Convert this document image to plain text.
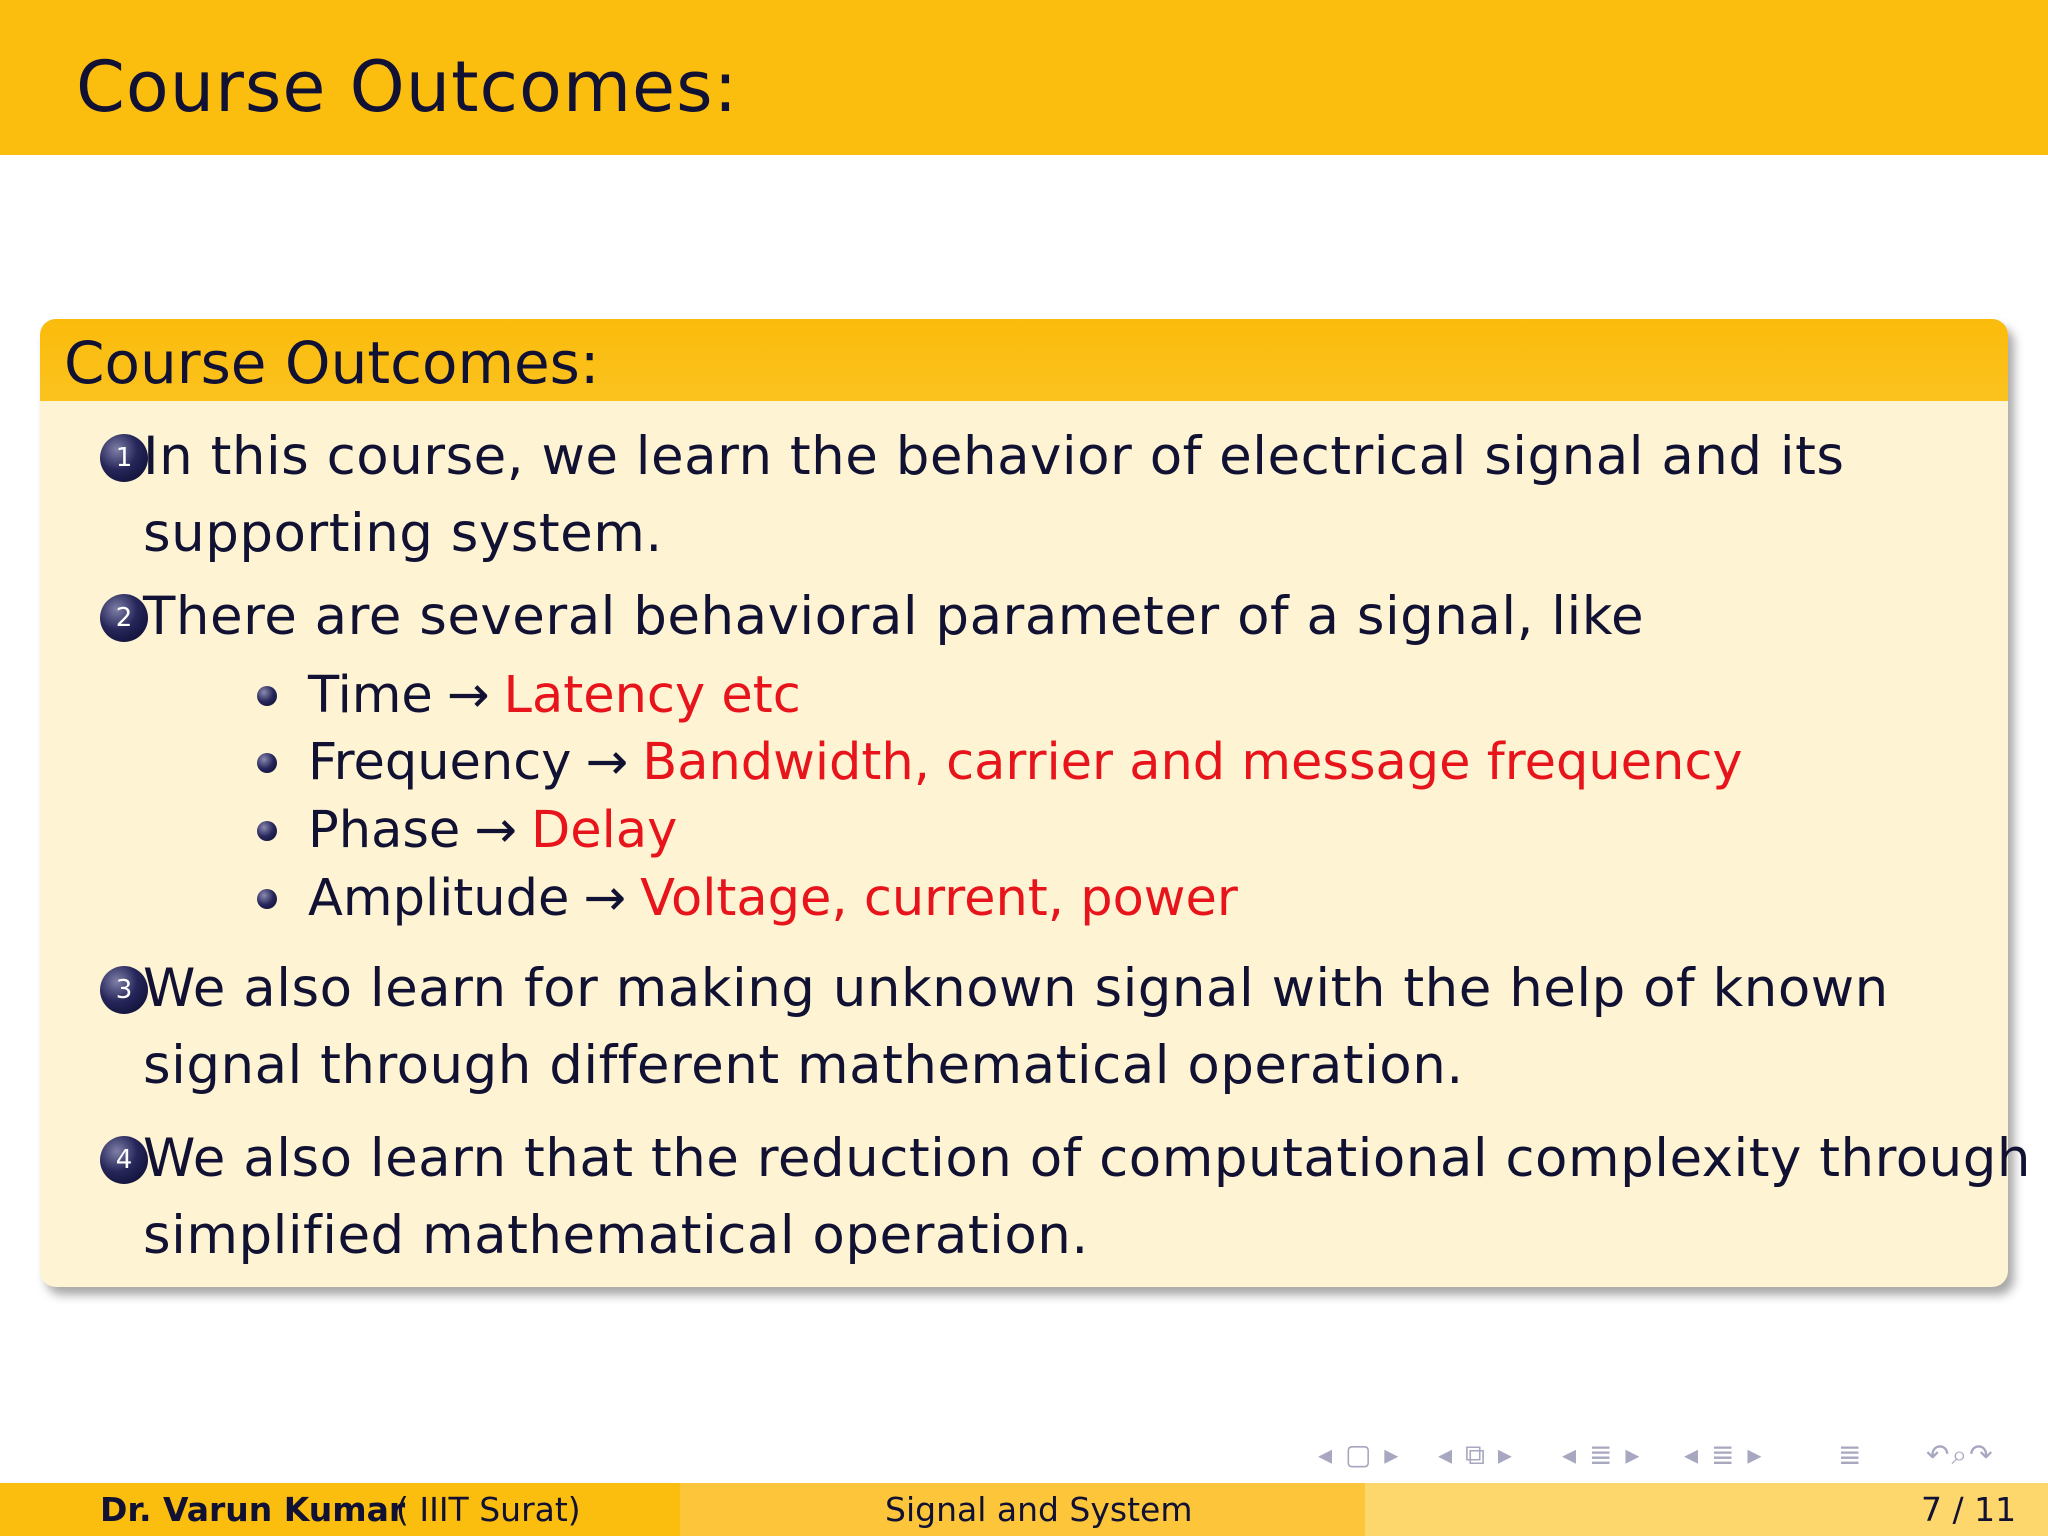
Course Outcomes:
Course Outcomes:
1 In this course, we learn the behavior of electrical signal and its
supporting system.
2 There are several behavioral parameter of a signal, like
Time → Latency etc
Frequency → Bandwidth, carrier and message frequency
Phase → Delay
Amplitude → Voltage, current, power
3 We also learn for making unknown signal with the help of known
signal through different mathematical operation.
4 We also learn that the reduction of computational complexity through
simplified mathematical operation.
◂ ▢ ▸ ◂ ⧉ ▸ ◂ ≣ ▸ ◂ ≣ ▸	≣ ↶⌕↷
Dr. Varun Kumar
( IIIT Surat)	Signal and System	7 / 11
